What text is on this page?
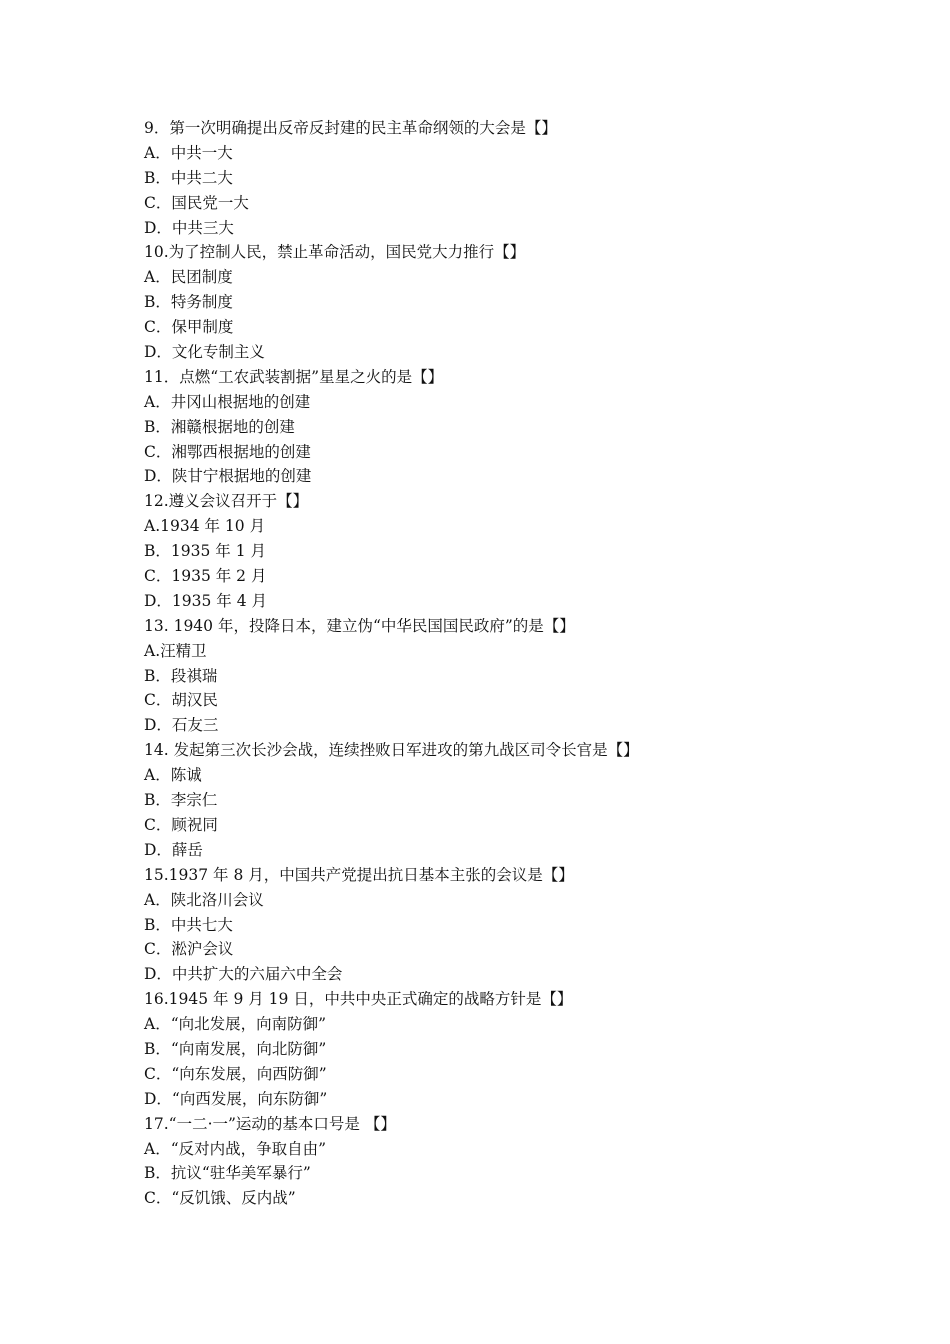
9．第一次明确提出反帝反封建的民主革命纲领的大会是【】
A．中共一大
B．中共二大
C．国民党一大
D．中共三大
10.为了控制人民，禁止革命活动，国民党大力推行【】
A．民团制度
B．特务制度
C．保甲制度
D．文化专制主义
11．点燃“工农武装割据”星星之火的是【】
A．井冈山根据地的创建
B．湘赣根据地的创建
C．湘鄂西根据地的创建
D．陕甘宁根据地的创建
12.遵义会议召开于【】
A.1934 年 10 月
B．1935 年 1 月
C．1935 年 2 月
D．1935 年 4 月
13. 1940 年，投降日本，建立伪“中华民国国民政府”的是【】
A.汪精卫
B．段祺瑞
C．胡汉民
D．石友三
14. 发起第三次长沙会战，连续挫败日军进攻的第九战区司令长官是【】
A．陈诚
B．李宗仁
C．顾祝同
D．薛岳
15.1937 年 8 月，中国共产党提出抗日基本主张的会议是【】
A．陕北洛川会议
B．中共七大
C．淞沪会议
D．中共扩大的六届六中全会
16.1945 年 9 月 19 日，中共中央正式确定的战略方针是【】
A．“向北发展，向南防御”
B．“向南发展，向北防御”
C．“向东发展，向西防御”
D．“向西发展，向东防御”
17.“一二·一”运动的基本口号是 【】
A．“反对内战，争取自由”
B．抗议“驻华美军暴行”
C．“反饥饿、反内战”
